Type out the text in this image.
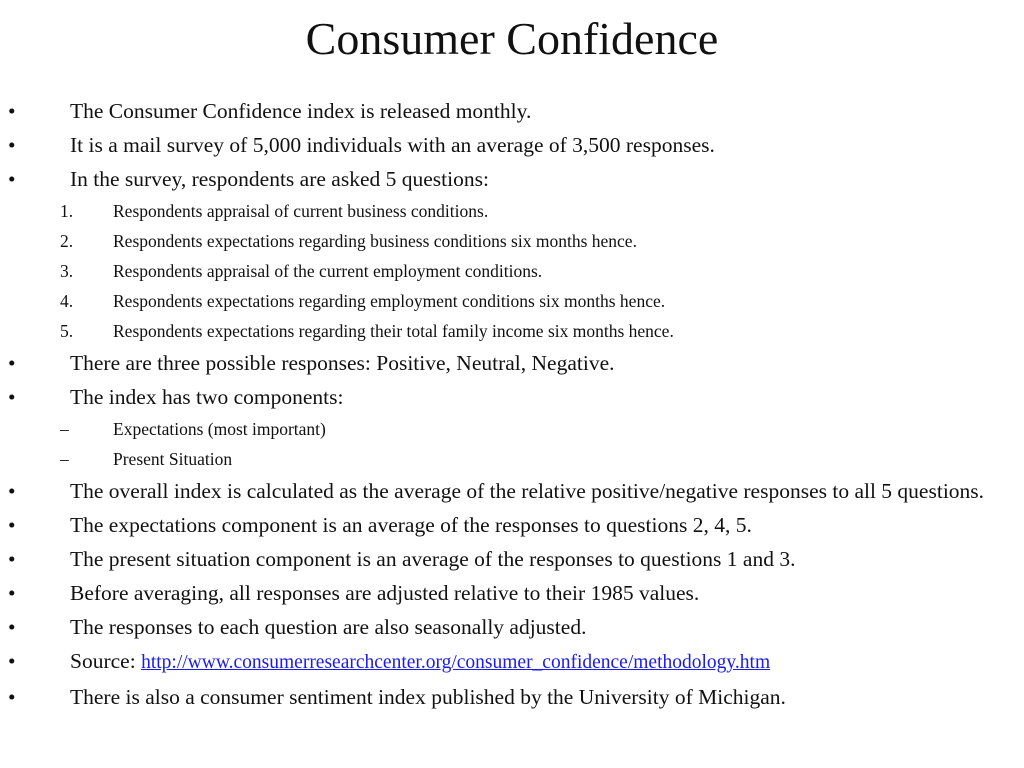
Consumer Confidence
•	The Consumer Confidence index is released monthly.
•	It is a mail survey of 5,000 individuals with an average of 3,500 responses.
•	In the survey, respondents are asked 5 questions:
1.	Respondents appraisal of current business conditions.
2.	Respondents expectations regarding business conditions six months hence.
3.	Respondents appraisal of the current employment conditions.
4.	Respondents expectations regarding employment conditions six months hence.
5.	Respondents expectations regarding their total family income six months hence.
•	There are three possible responses: Positive, Neutral, Negative.
•	The index has two components:
–	Expectations (most important)
–	Present Situation
•	The overall index is calculated as the average of the relative positive/negative responses to all 5 questions.
•	The expectations component is an average of the responses to questions 2, 4, 5.
•	The present situation component is an average of the responses to questions 1 and 3.
•	Before averaging, all responses are adjusted relative to their 1985 values.
•	The responses to each question are also seasonally adjusted.
•	Source: http://www.consumerresearchcenter.org/consumer_confidence/methodology.htm
•	There is also a consumer sentiment index published by the University of Michigan.
